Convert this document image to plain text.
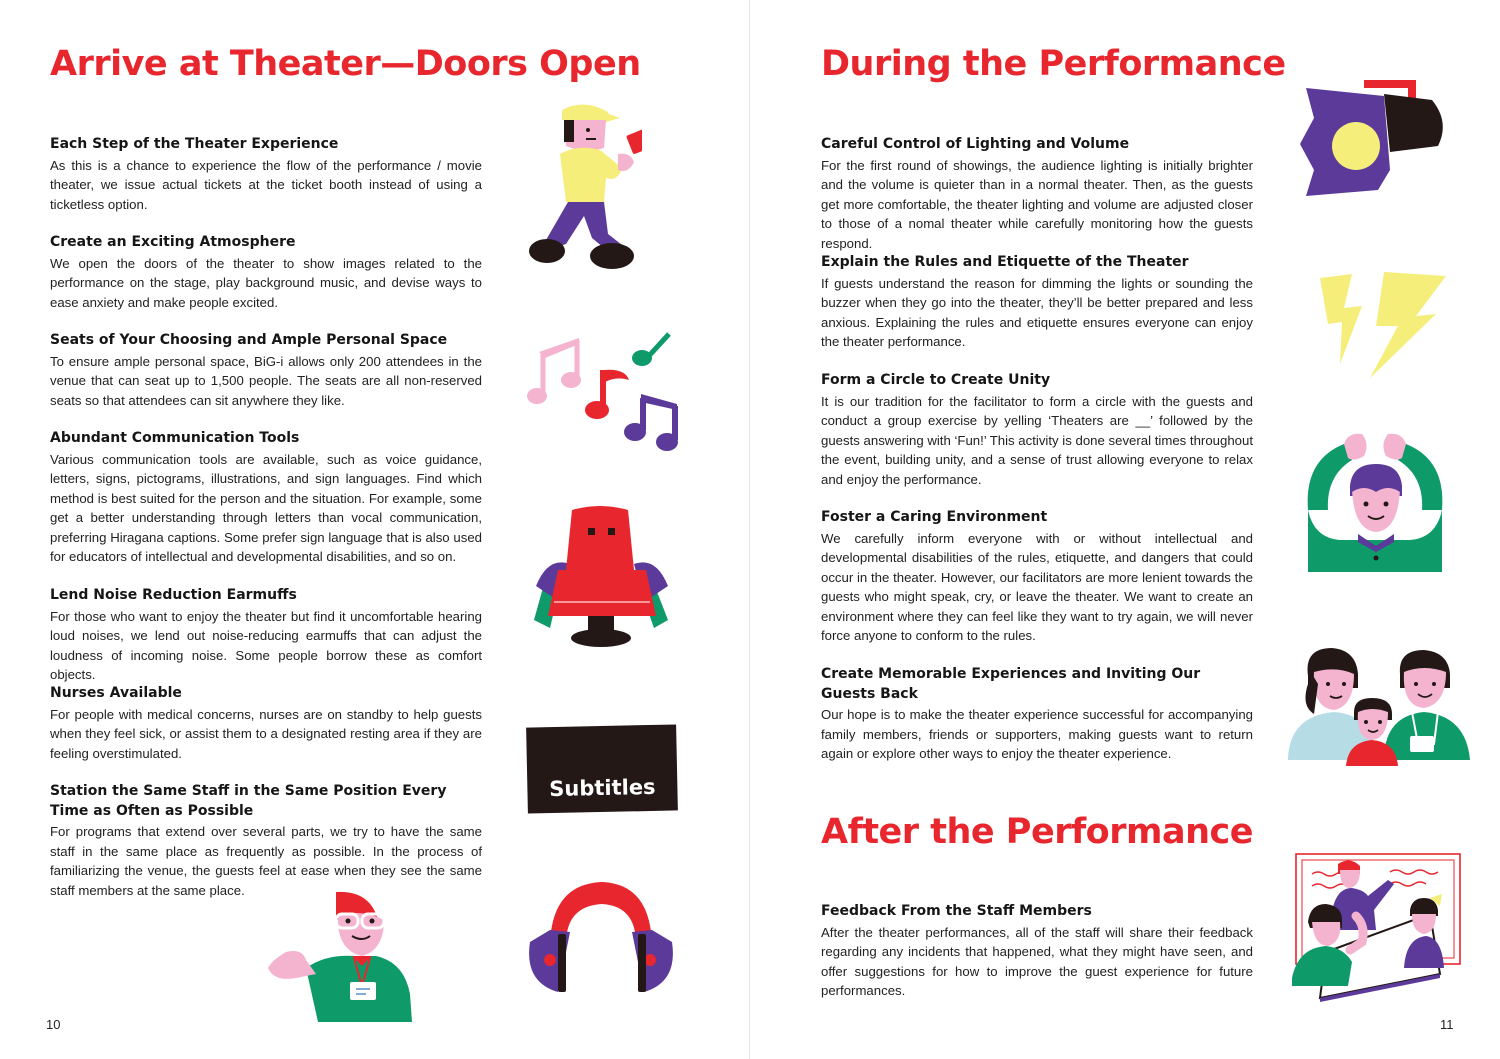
Arrive at Theater—Doors Open
Each Step of the Theater Experience

As this is a chance to experience the flow of the performance / movie theater, we issue actual tickets at the ticket booth instead of using a ticketless option.

Create an Exciting Atmosphere

We open the doors of the theater to show images related to the performance on the stage, play background music, and devise ways to ease anxiety and make people excited.

Seats of Your Choosing and Ample Personal Space

To ensure ample personal space, BiG-i allows only 200 attendees in the venue that can seat up to 1,500 people. The seats are all non-reserved seats so that attendees can sit anywhere they like.

Abundant Communication Tools

Various communication tools are available, such as voice guidance, letters, signs, pictograms, illustrations, and sign languages. Find which method is best suited for the person and the situation. For example, some get a better understanding through letters than vocal communication, preferring Hiragana captions. Some prefer sign language that is also used for educators of intellectual and developmental disabilities, and so on.

Lend Noise Reduction Earmuffs

For those who want to enjoy the theater but find it uncomfortable hearing loud noises, we lend out noise-reducing earmuffs that can adjust the loudness of incoming noise. Some people borrow these as comfort objects.

Nurses Available

For people with medical concerns, nurses are on standby to help guests when they feel sick, or assist them to a designated resting area if they are feeling overstimulated.

Station the Same Staff in the Same Position Every Time as Often as Possible

For programs that extend over several parts, we try to have the same staff in the same place as frequently as possible. In the process of familiarizing the venue, the guests feel at ease when they see the same staff members at the same place.

10
Subtitles
During the Performance
Careful Control of Lighting and Volume

For the first round of showings, the audience lighting is initially brighter and the volume is quieter than in a normal theater. Then, as the guests get more comfortable, the theater lighting and volume are adjusted closer to those of a nomal theater while carefully monitoring how the guests respond.

Explain the Rules and Etiquette of the Theater

If guests understand the reason for dimming the lights or sounding the buzzer when they go into the theater, they’ll be better prepared and less anxious. Explaining the rules and etiquette ensures everyone can enjoy the theater performance.

Form a Circle to Create Unity

It is our tradition for the facilitator to form a circle with the guests and conduct a group exercise by yelling ‘Theaters are __’ followed by the guests answering with ‘Fun!’ This activity is done several times throughout the event, building unity, and a sense of trust allowing everyone to relax and enjoy the performance.

Foster a Caring Environment

We carefully inform everyone with or without intellectual and developmental disabilities of the rules, etiquette, and dangers that could occur in the theater. However, our facilitators are more lenient towards the guests who might speak, cry, or leave the theater. We want to create an environment where they can feel like they want to try again, we will never force anyone to conform to the rules.

Create Memorable Experiences and Inviting Our Guests Back

Our hope is to make the theater experience successful for accompanying family members, friends or supporters, making guests want to return again or explore other ways to enjoy the theater experience.

After the Performance
Feedback From the Staff Members

After the theater performances, all of the staff will share their feedback regarding any incidents that happened, what they might have seen, and offer suggestions for how to improve the guest experience for future performances.

11
